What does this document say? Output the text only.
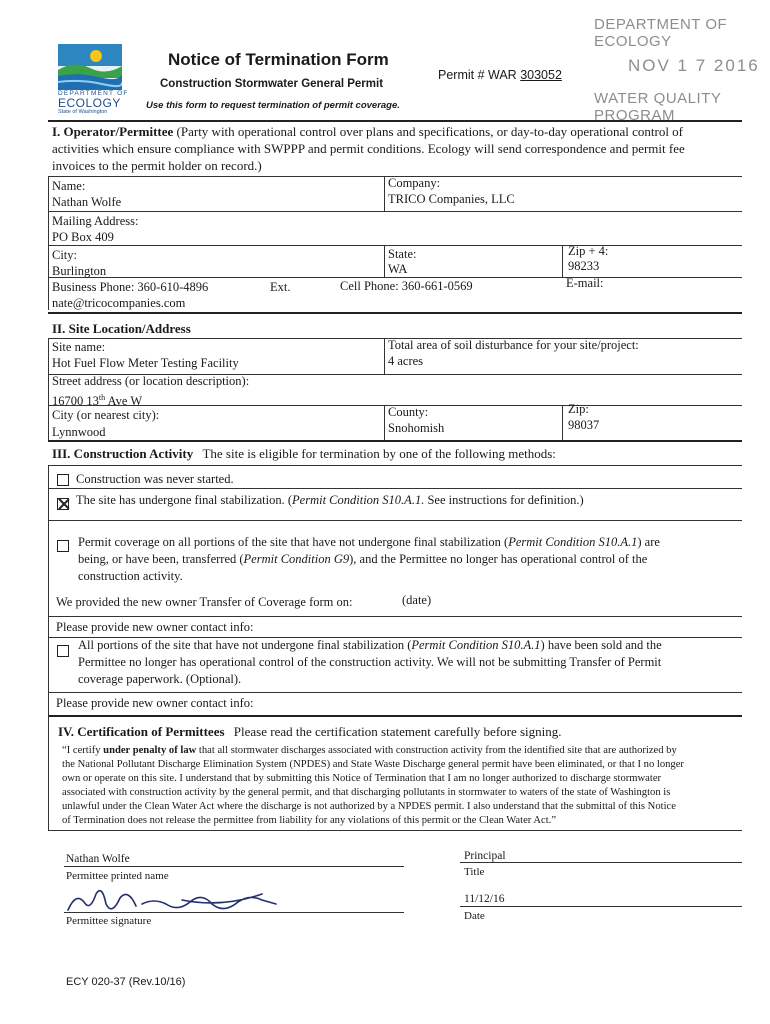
DEPARTMENT OF ECOLOGY
NOV 1 7 2016
WATER QUALITY PROGRAM
DEPARTMENT OF
ECOLOGY
State of Washington
Notice of Termination Form
Construction Stormwater General Permit
Use this form to request termination of permit coverage.
Permit # WAR 303052
I. Operator/Permittee (Party with operational control over plans and specifications, or day-to-day operational control of
activities which ensure compliance with SWPPP and permit conditions. Ecology will send correspondence and permit fee
invoices to the permit holder on record.)
Name:
Nathan Wolfe
Company:
TRICO Companies, LLC
Mailing Address:
PO Box 409
City:
Burlington
State:
WA
Zip + 4:
98233
Business Phone: 360-610-4896	Ext.	Cell Phone: 360-661-0569	E-mail:
nate@tricocompanies.com
II. Site Location/Address
Site name:
Hot Fuel Flow Meter Testing Facility
Total area of soil disturbance for your site/project:
4 acres
Street address (or location description):
16700 13th Ave W
City (or nearest city):
Lynnwood
County:
Snohomish
Zip:
98037
III. Construction Activity The site is eligible for termination by one of the following methods:
Construction was never started.
The site has undergone final stabilization. (Permit Condition S10.A.1. See instructions for definition.)
Permit coverage on all portions of the site that have not undergone final stabilization (Permit Condition S10.A.1) are
being, or have been, transferred (Permit Condition G9), and the Permittee no longer has operational control of the
construction activity.
We provided the new owner Transfer of Coverage form on:	(date)
Please provide new owner contact info:
All portions of the site that have not undergone final stabilization (Permit Condition S10.A.1) have been sold and the
Permittee no longer has operational control of the construction activity. We will not be submitting Transfer of Permit
coverage paperwork. (Optional).
Please provide new owner contact info:
IV. Certification of Permittees Please read the certification statement carefully before signing.
“I certify under penalty of law that all stormwater discharges associated with construction activity from the identified site that are authorized by
the National Pollutant Discharge Elimination System (NPDES) and State Waste Discharge general permit have been eliminated, or that I no longer
own or operate on this site. I understand that by submitting this Notice of Termination that I am no longer authorized to discharge stormwater
associated with construction activity by the general permit, and that discharging pollutants in stormwater to waters of the state of Washington is
unlawful under the Clean Water Act where the discharge is not authorized by a NPDES permit. I also understand that the submittal of this Notice
of Termination does not release the permittee from liability for any violations of this permit or the Clean Water Act.”
Nathan Wolfe
Permittee printed name
Principal
Title
Permittee signature
11/12/16
Date
ECY 020-37 (Rev.10/16)
